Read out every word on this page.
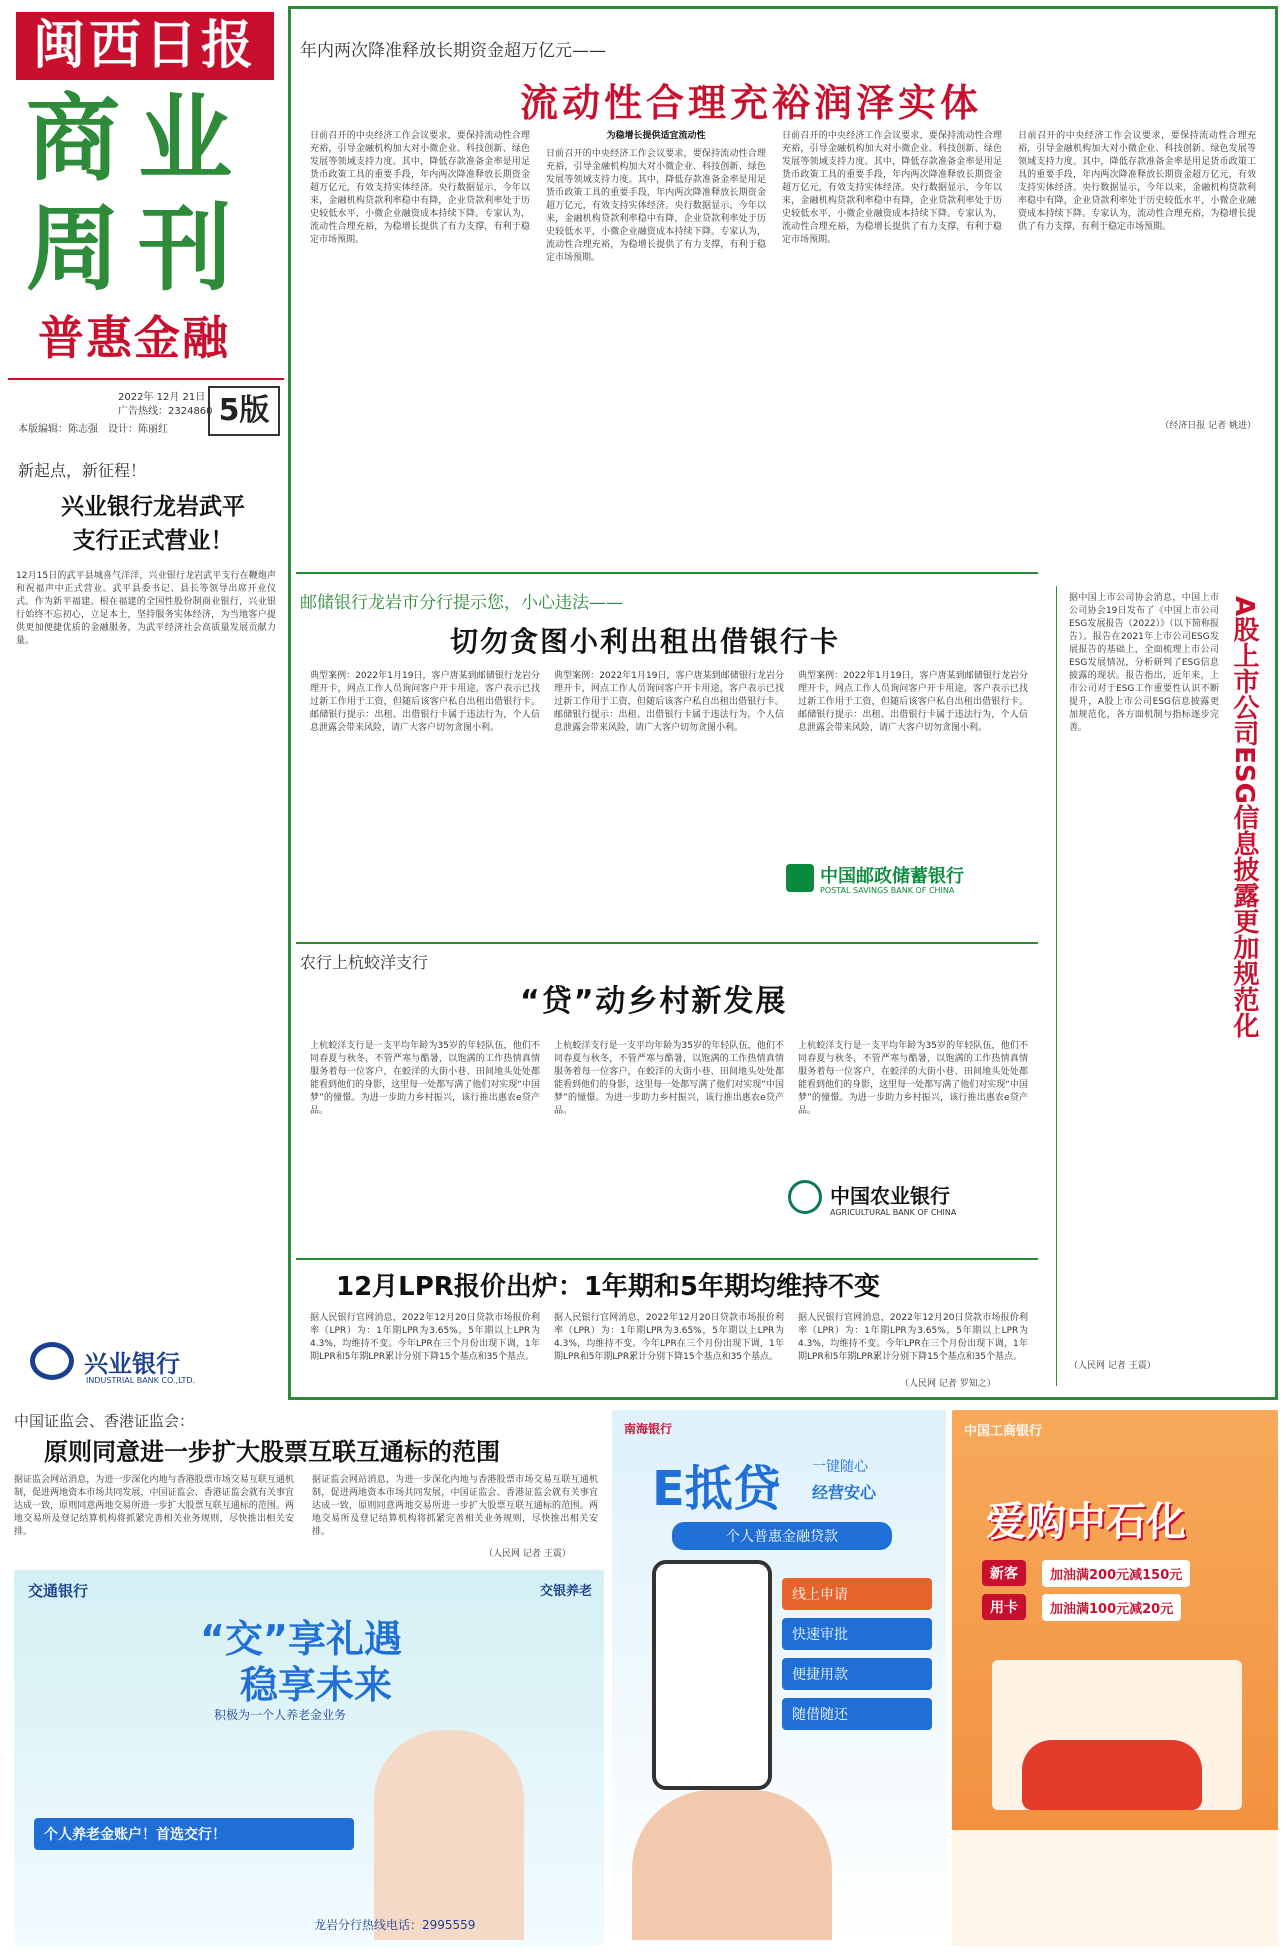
闽西日报
商业
周刊
普惠金融
2022年 12月 21日
广告热线：2324860
本版编辑：陈志强　设计：陈丽红
5版
年内两次降准释放长期资金超万亿元——
流动性合理充裕润泽实体
日前召开的中央经济工作会议要求，要保持流动性合理充裕，引导金融机构加大对小微企业、科技创新、绿色发展等领域支持力度。其中，降低存款准备金率是用足货币政策工具的重要手段，年内两次降准释放长期资金超万亿元，有效支持实体经济。央行数据显示，今年以来，金融机构贷款利率稳中有降，企业贷款利率处于历史较低水平，小微企业融资成本持续下降。专家认为，流动性合理充裕，为稳增长提供了有力支撑，有利于稳定市场预期。
为稳增长提供适宜流动性
日前召开的中央经济工作会议要求，要保持流动性合理充裕，引导金融机构加大对小微企业、科技创新、绿色发展等领域支持力度。其中，降低存款准备金率是用足货币政策工具的重要手段，年内两次降准释放长期资金超万亿元，有效支持实体经济。央行数据显示，今年以来，金融机构贷款利率稳中有降，企业贷款利率处于历史较低水平，小微企业融资成本持续下降。专家认为，流动性合理充裕，为稳增长提供了有力支撑，有利于稳定市场预期。
日前召开的中央经济工作会议要求，要保持流动性合理充裕，引导金融机构加大对小微企业、科技创新、绿色发展等领域支持力度。其中，降低存款准备金率是用足货币政策工具的重要手段，年内两次降准释放长期资金超万亿元，有效支持实体经济。央行数据显示，今年以来，金融机构贷款利率稳中有降，企业贷款利率处于历史较低水平，小微企业融资成本持续下降。专家认为，流动性合理充裕，为稳增长提供了有力支撑，有利于稳定市场预期。
日前召开的中央经济工作会议要求，要保持流动性合理充裕，引导金融机构加大对小微企业、科技创新、绿色发展等领域支持力度。其中，降低存款准备金率是用足货币政策工具的重要手段，年内两次降准释放长期资金超万亿元，有效支持实体经济。央行数据显示，今年以来，金融机构贷款利率稳中有降，企业贷款利率处于历史较低水平，小微企业融资成本持续下降。专家认为，流动性合理充裕，为稳增长提供了有力支撑，有利于稳定市场预期。
（经济日报 记者 姚进）
A股上市公司ESG信息披露更加规范化
据中国上市公司协会消息，中国上市公司协会19日发布了《中国上市公司ESG发展报告（2022）》（以下简称报告）。报告在2021年上市公司ESG发展报告的基础上，全面梳理上市公司ESG发展情况，分析研判了ESG信息披露的现状。报告指出，近年来，上市公司对于ESG工作重要性认识不断提升，A股上市公司ESG信息披露更加规范化，各方面机制与指标逐步完善。
（人民网 记者 王震）
邮储银行龙岩市分行提示您，小心违法——
切勿贪图小利出租出借银行卡
典型案例：2022年1月19日，客户唐某到邮储银行龙岩分理开卡，网点工作人员询问客户开卡用途，客户表示已找过新工作用于工资，但随后该客户私自出租出借银行卡。邮储银行提示：出租、出借银行卡属于违法行为，个人信息泄露会带来风险，请广大客户切勿贪图小利。
典型案例：2022年1月19日，客户唐某到邮储银行龙岩分理开卡，网点工作人员询问客户开卡用途，客户表示已找过新工作用于工资，但随后该客户私自出租出借银行卡。邮储银行提示：出租、出借银行卡属于违法行为，个人信息泄露会带来风险，请广大客户切勿贪图小利。
典型案例：2022年1月19日，客户唐某到邮储银行龙岩分理开卡，网点工作人员询问客户开卡用途，客户表示已找过新工作用于工资，但随后该客户私自出租出借银行卡。邮储银行提示：出租、出借银行卡属于违法行为，个人信息泄露会带来风险，请广大客户切勿贪图小利。
中国邮政储蓄银行
POSTAL SAVINGS BANK OF CHINA
农行上杭蛟洋支行
“贷”动乡村新发展
上杭蛟洋支行是一支平均年龄为35岁的年轻队伍，他们不同春夏与秋冬，不管严寒与酷暑，以饱满的工作热情真情服务着每一位客户，在蛟洋的大街小巷、田间地头处处都能看到他们的身影，这里每一处都写满了他们对实现“中国梦”的憧憬。为进一步助力乡村振兴，该行推出惠农e贷产品。
上杭蛟洋支行是一支平均年龄为35岁的年轻队伍，他们不同春夏与秋冬，不管严寒与酷暑，以饱满的工作热情真情服务着每一位客户，在蛟洋的大街小巷、田间地头处处都能看到他们的身影，这里每一处都写满了他们对实现“中国梦”的憧憬。为进一步助力乡村振兴，该行推出惠农e贷产品。
上杭蛟洋支行是一支平均年龄为35岁的年轻队伍，他们不同春夏与秋冬，不管严寒与酷暑，以饱满的工作热情真情服务着每一位客户，在蛟洋的大街小巷、田间地头处处都能看到他们的身影，这里每一处都写满了他们对实现“中国梦”的憧憬。为进一步助力乡村振兴，该行推出惠农e贷产品。
中国农业银行
AGRICULTURAL BANK OF CHINA
12月LPR报价出炉：1年期和5年期均维持不变
据人民银行官网消息，2022年12月20日贷款市场报价利率（LPR）为：1年期LPR为3.65%，5年期以上LPR为4.3%，均维持不变。今年LPR在三个月份出现下调，1年期LPR和5年期LPR累计分别下降15个基点和35个基点。
据人民银行官网消息，2022年12月20日贷款市场报价利率（LPR）为：1年期LPR为3.65%，5年期以上LPR为4.3%，均维持不变。今年LPR在三个月份出现下调，1年期LPR和5年期LPR累计分别下降15个基点和35个基点。
据人民银行官网消息，2022年12月20日贷款市场报价利率（LPR）为：1年期LPR为3.65%，5年期以上LPR为4.3%，均维持不变。今年LPR在三个月份出现下调，1年期LPR和5年期LPR累计分别下降15个基点和35个基点。
（人民网 记者 罗知之）
新起点，新征程！
兴业银行龙岩武平
支行正式营业！
12月15日的武平县城喜气洋洋，兴业银行龙岩武平支行在鞭炮声和祝福声中正式营业。武平县委书记、县长等领导出席开业仪式。作为新平福建、根在福建的全国性股份制商业银行，兴业银行始终不忘初心，立足本土，坚持服务实体经济，为当地客户提供更加便捷优质的金融服务，为武平经济社会高质量发展贡献力量。
兴业银行
INDUSTRIAL BANK CO.,LTD.
中国证监会、香港证监会：
原则同意进一步扩大股票互联互通标的范围
据证监会网站消息，为进一步深化内地与香港股票市场交易互联互通机制，促进两地资本市场共同发展，中国证监会、香港证监会就有关事宜达成一致，原则同意两地交易所进一步扩大股票互联互通标的范围。两地交易所及登记结算机构将抓紧完善相关业务规则，尽快推出相关安排。
据证监会网站消息，为进一步深化内地与香港股票市场交易互联互通机制，促进两地资本市场共同发展，中国证监会、香港证监会就有关事宜达成一致，原则同意两地交易所进一步扩大股票互联互通标的范围。两地交易所及登记结算机构将抓紧完善相关业务规则，尽快推出相关安排。
（人民网 记者 王震）
交通银行	交银养老
“交”享礼遇
稳享未来
积极为一个人养老金业务
个人养老金账户！首选交行！
龙岩分行热线电话：2995559
南海银行
E抵贷 一键随心
经营安心
个人普惠金融贷款
线上申请
快速审批
便捷用款
随借随还
中国工商银行
爱购中石化
新客	加油满200元减150元
用卡	加油满100元减20元
